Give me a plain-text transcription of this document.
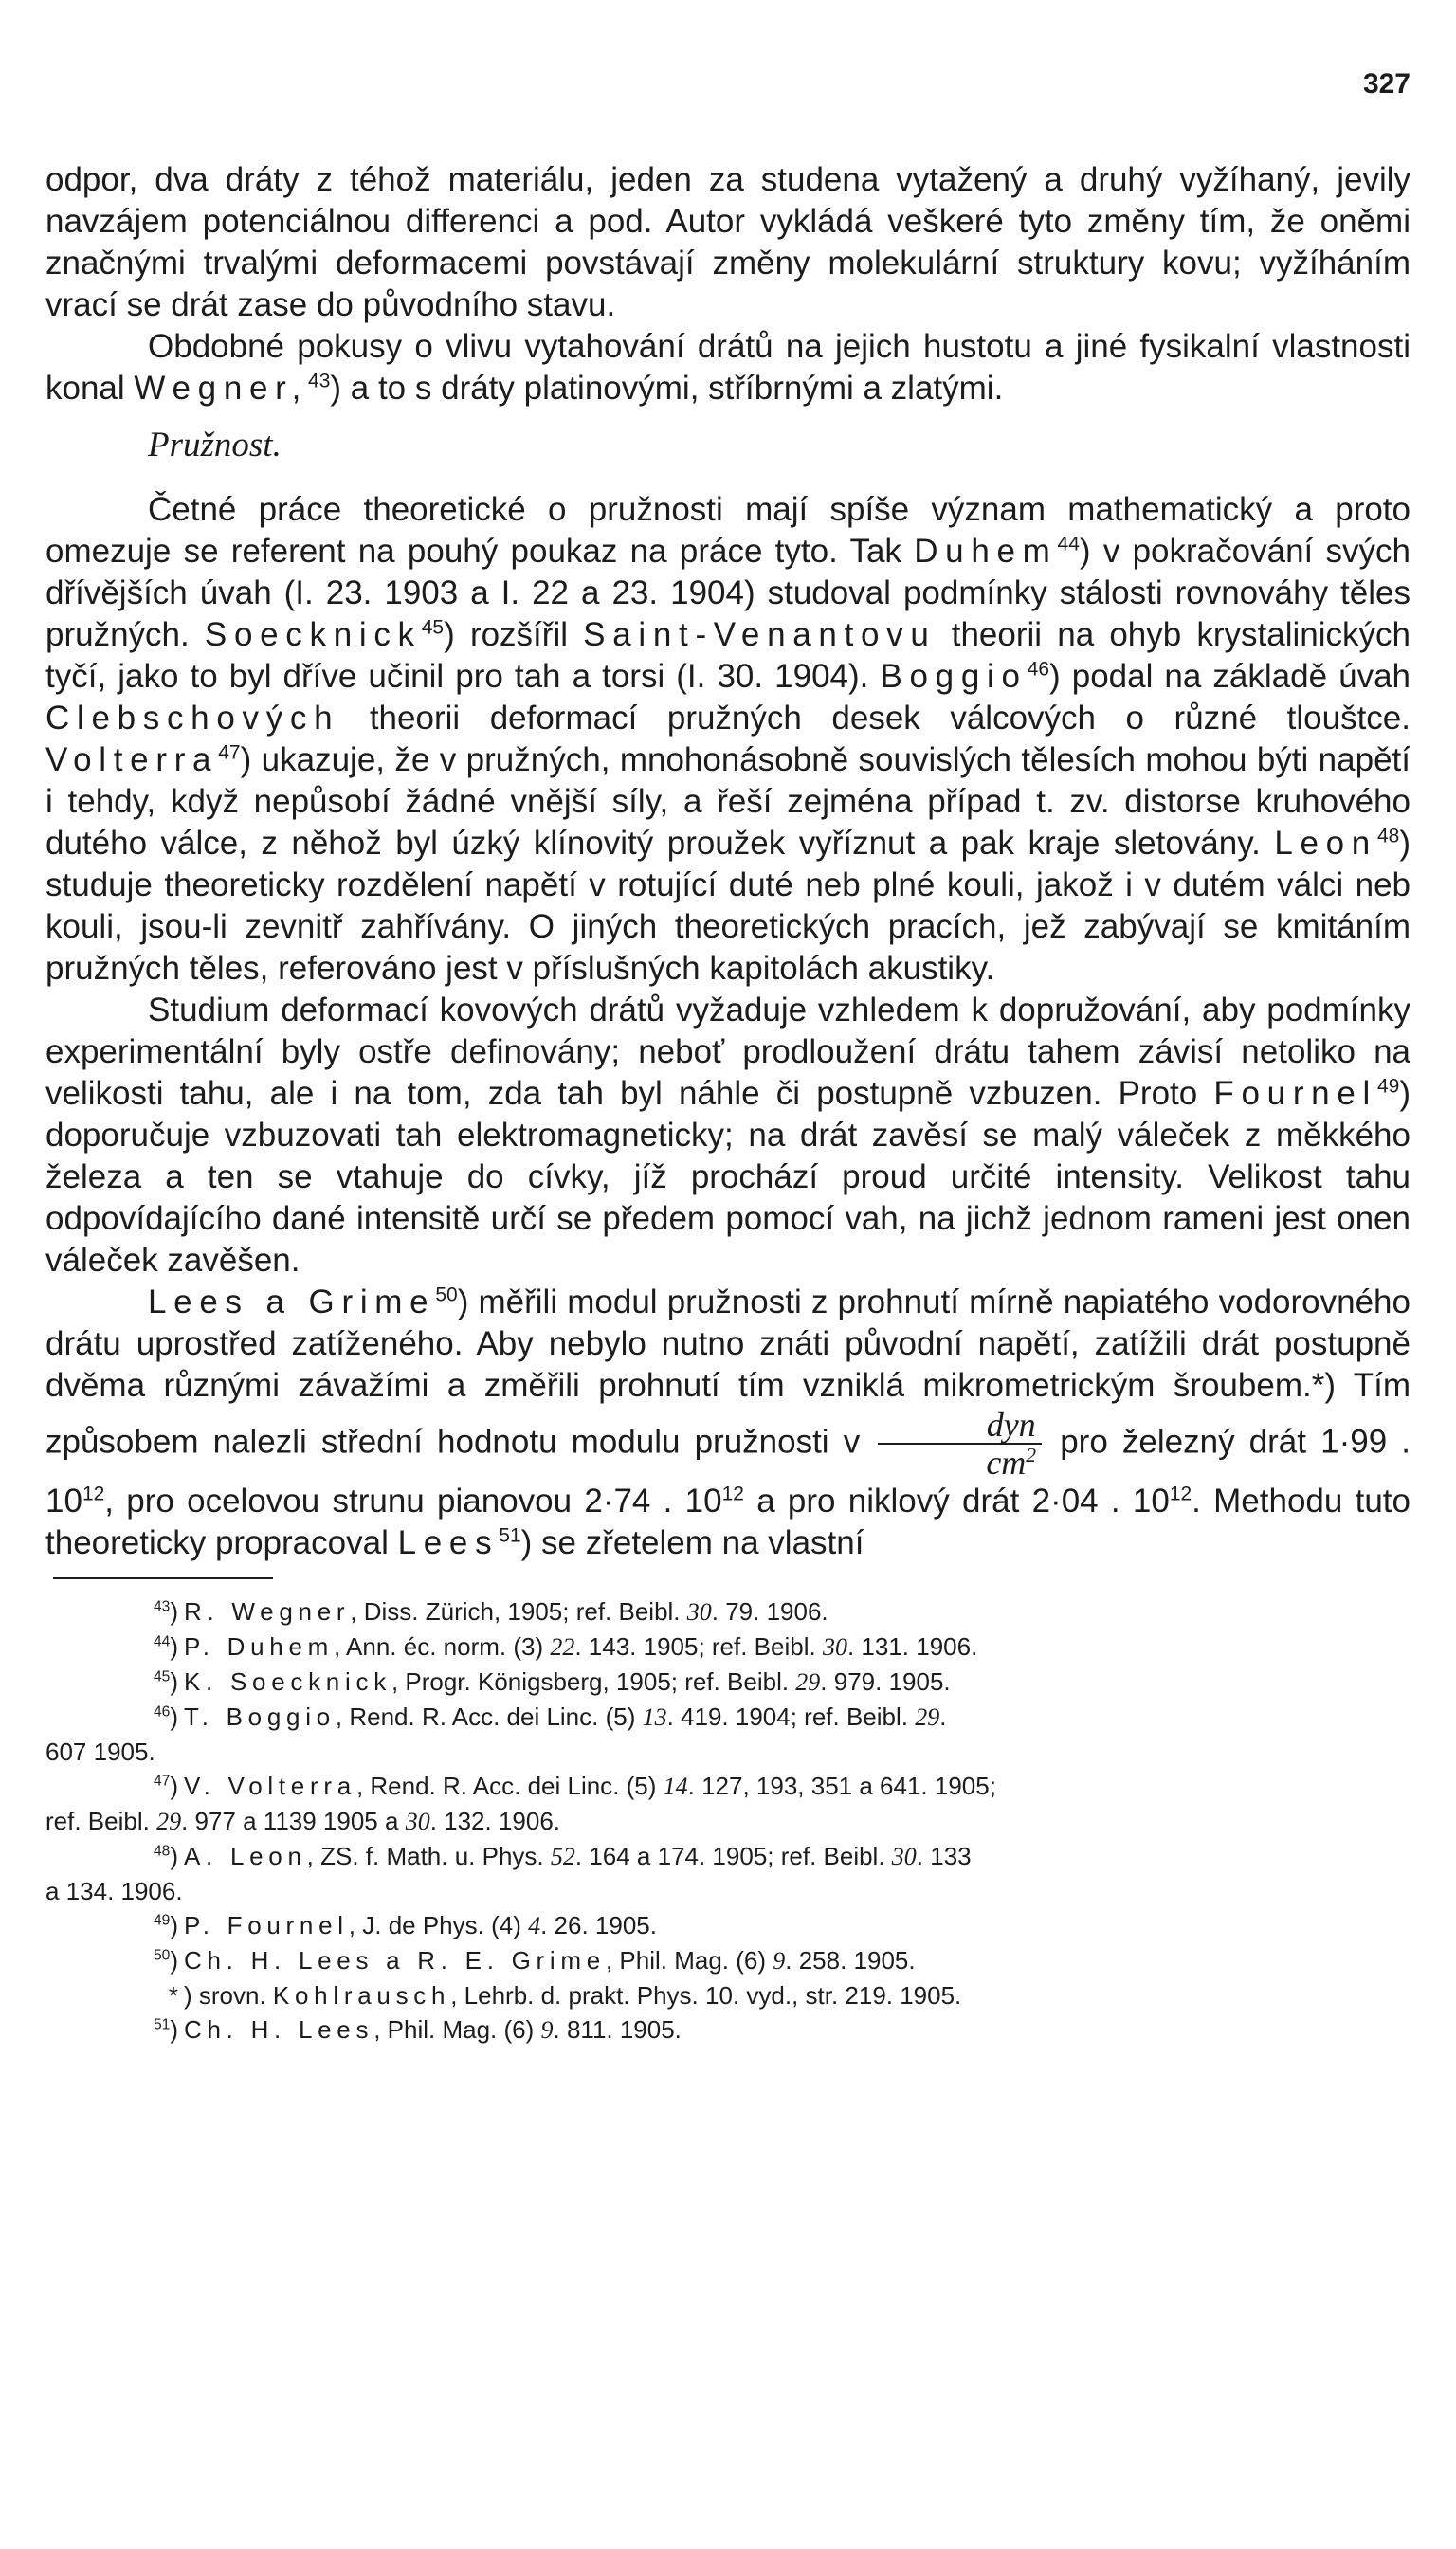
327

odpor, dva dráty z téhož materiálu, jeden za studena vytažený a druhý vyžíhaný, jevily navzájem potenciálnou differenci a pod. Autor vykládá veškeré tyto změny tím, že oněmi značnými trvalými deformacemi povstávají změny molekulární struktury kovu; vyžíháním vrací se drát zase do původního stavu.

Obdobné pokusy o vlivu vytahování drátů na jejich hustotu a jiné fysikalní vlastnosti konal Wegner,$^{43}$) a to s dráty platinovými, stříbrnými a zlatými.

Pružnost.

Četné práce theoretické o pružnosti mají spíše význam mathematický a proto omezuje se referent na pouhý poukaz na práce tyto. Tak Duhem$^{44}$) v pokračování svých dřívějších úvah (I. 23. 1903 a I. 22 a 23. 1904) studoval podmínky stálosti rovnováhy těles pružných. Soecknick$^{45}$) rozšířil Saint-Venantovu theorii na ohyb krystalinických tyčí, jako to byl dříve učinil pro tah a torsi (I. 30. 1904). Boggio$^{46}$) podal na základě úvah Clebschových theorii deformací pružných desek válcových o různé tlouštce. Volterra$^{47}$) ukazuje, že v pružných, mnohonásobně souvislých tělesích mohou býti napětí i tehdy, když nepůsobí žádné vnější síly, a řeší zejména případ t. zv. distorse kruhového dutého válce, z něhož byl úzký klínovitý proužek vyříznut a pak kraje sletovány. Leon$^{48}$) studuje theoreticky rozdělení napětí v rotující duté neb plné kouli, jakož i v dutém válci neb kouli, jsou-li zevnitř zahřívány. O jiných theoretických pracích, jež zabývají se kmitáním pružných těles, referováno jest v příslušných kapitolách akustiky.

Studium deformací kovových drátů vyžaduje vzhledem k dopružování, aby podmínky experimentální byly ostře definovány; neboť prodloužení drátu tahem závisí netoliko na velikosti tahu, ale i na tom, zda tah byl náhle či postupně vzbuzen. Proto Fournel$^{49}$) doporučuje vzbuzovati tah elektromagneticky; na drát zavěsí se malý váleček z měkkého železa a ten se vtahuje do cívky, jíž prochází proud určité intensity. Velikost tahu odpovídajícího dané intensitě určí se předem pomocí vah, na jichž jednom rameni jest onen váleček zavěšen.

Lees a Grime$^{50}$) měřili modul pružnosti z prohnutí mírně napiatého vodorovného drátu uprostřed zatíženého. Aby nebylo nutno znáti původní napětí, zatížili drát postupně dvěma různými závažími a změřili prohnutí tím vzniklá mikrometrickým šroubem.*) Tím způsobem nalezli střední hodnotu modulu pružnosti v $\frac{\text{dyn}}{cm^2}$ pro železný drát 1·99 . $10^{12}$, pro ocelovou strunu pianovou 2·74 . $10^{12}$ a pro niklový drát 2·04 . $10^{12}$. Methodu tuto theoreticky propracoval Lees$^{51}$) se zřetelem na vlastní

$^{43}$) R. Wegner, Diss. Zürich, 1905; ref. Beibl. 30. 79. 1906.

$^{44}$) P. Duhem, Ann. éc. norm. (3) 22. 143. 1905; ref. Beibl. 30. 131. 1906.

$^{45}$) K. Soecknick, Progr. Königsberg, 1905; ref. Beibl. 29. 979. 1905.

$^{46}$) T. Boggio, Rend. R. Acc. dei Linc. (5) 13. 419. 1904; ref. Beibl. 29.

607 1905.

$^{47}$) V. Volterra, Rend. R. Acc. dei Linc. (5) 14. 127, 193, 351 a 641. 1905;

ref. Beibl. 29. 977 a 1139 1905 a 30. 132. 1906.

$^{48}$) A. Leon, ZS. f. Math. u. Phys. 52. 164 a 174. 1905; ref. Beibl. 30. 133

a 134. 1906.

$^{49}$) P. Fournel, J. de Phys. (4) 4. 26. 1905.

$^{50}$) Ch. H. Lees a R. E. Grime, Phil. Mag. (6) 9. 258. 1905.

* ) srovn. Kohlrausch, Lehrb. d. prakt. Phys. 10. vyd., str. 219. 1905.

$^{51}$) Ch. H. Lees, Phil. Mag. (6) 9. 811. 1905.
